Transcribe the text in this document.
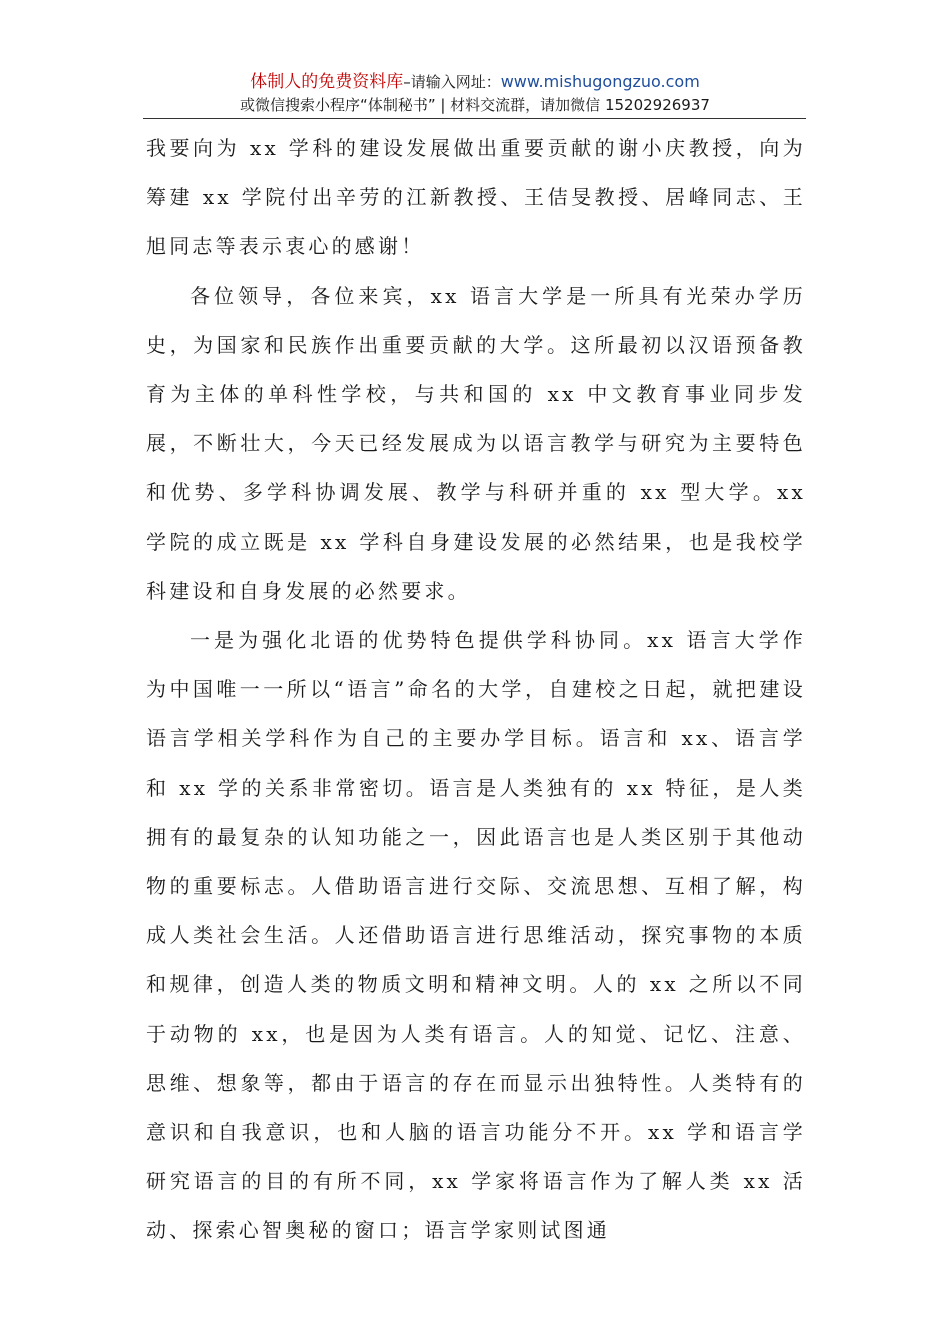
体制人的免费资料库–请输入网址：www.mishugongzuo.com
或微信搜索小程序“体制秘书” | 材料交流群，请加微信 15202926937

我要向为 xx 学科的建设发展做出重要贡献的谢小庆教授，向为筹建 xx 学院付出辛劳的江新教授、王佶旻教授、居峰同志、王旭同志等表示衷心的感谢！

各位领导，各位来宾，xx 语言大学是一所具有光荣办学历史，为国家和民族作出重要贡献的大学。这所最初以汉语预备教育为主体的单科性学校，与共和国的 xx 中文教育事业同步发展，不断壮大，今天已经发展成为以语言教学与研究为主要特色和优势、多学科协调发展、教学与科研并重的 xx 型大学。xx 学院的成立既是 xx 学科自身建设发展的必然结果，也是我校学科建设和自身发展的必然要求。

一是为强化北语的优势特色提供学科协同。xx 语言大学作为中国唯一一所以“语言”命名的大学，自建校之日起，就把建设语言学相关学科作为自己的主要办学目标。语言和 xx、语言学和 xx 学的关系非常密切。语言是人类独有的 xx 特征，是人类拥有的最复杂的认知功能之一，因此语言也是人类区别于其他动物的重要标志。人借助语言进行交际、交流思想、互相了解，构成人类社会生活。人还借助语言进行思维活动，探究事物的本质和规律，创造人类的物质文明和精神文明。人的 xx 之所以不同于动物的 xx，也是因为人类有语言。人的知觉、记忆、注意、思维、想象等，都由于语言的存在而显示出独特性。人类特有的意识和自我意识，也和人脑的语言功能分不开。xx 学和语言学研究语言的目的有所不同，xx 学家将语言作为了解人类 xx 活动、探索心智奥秘的窗口；语言学家则试图通
